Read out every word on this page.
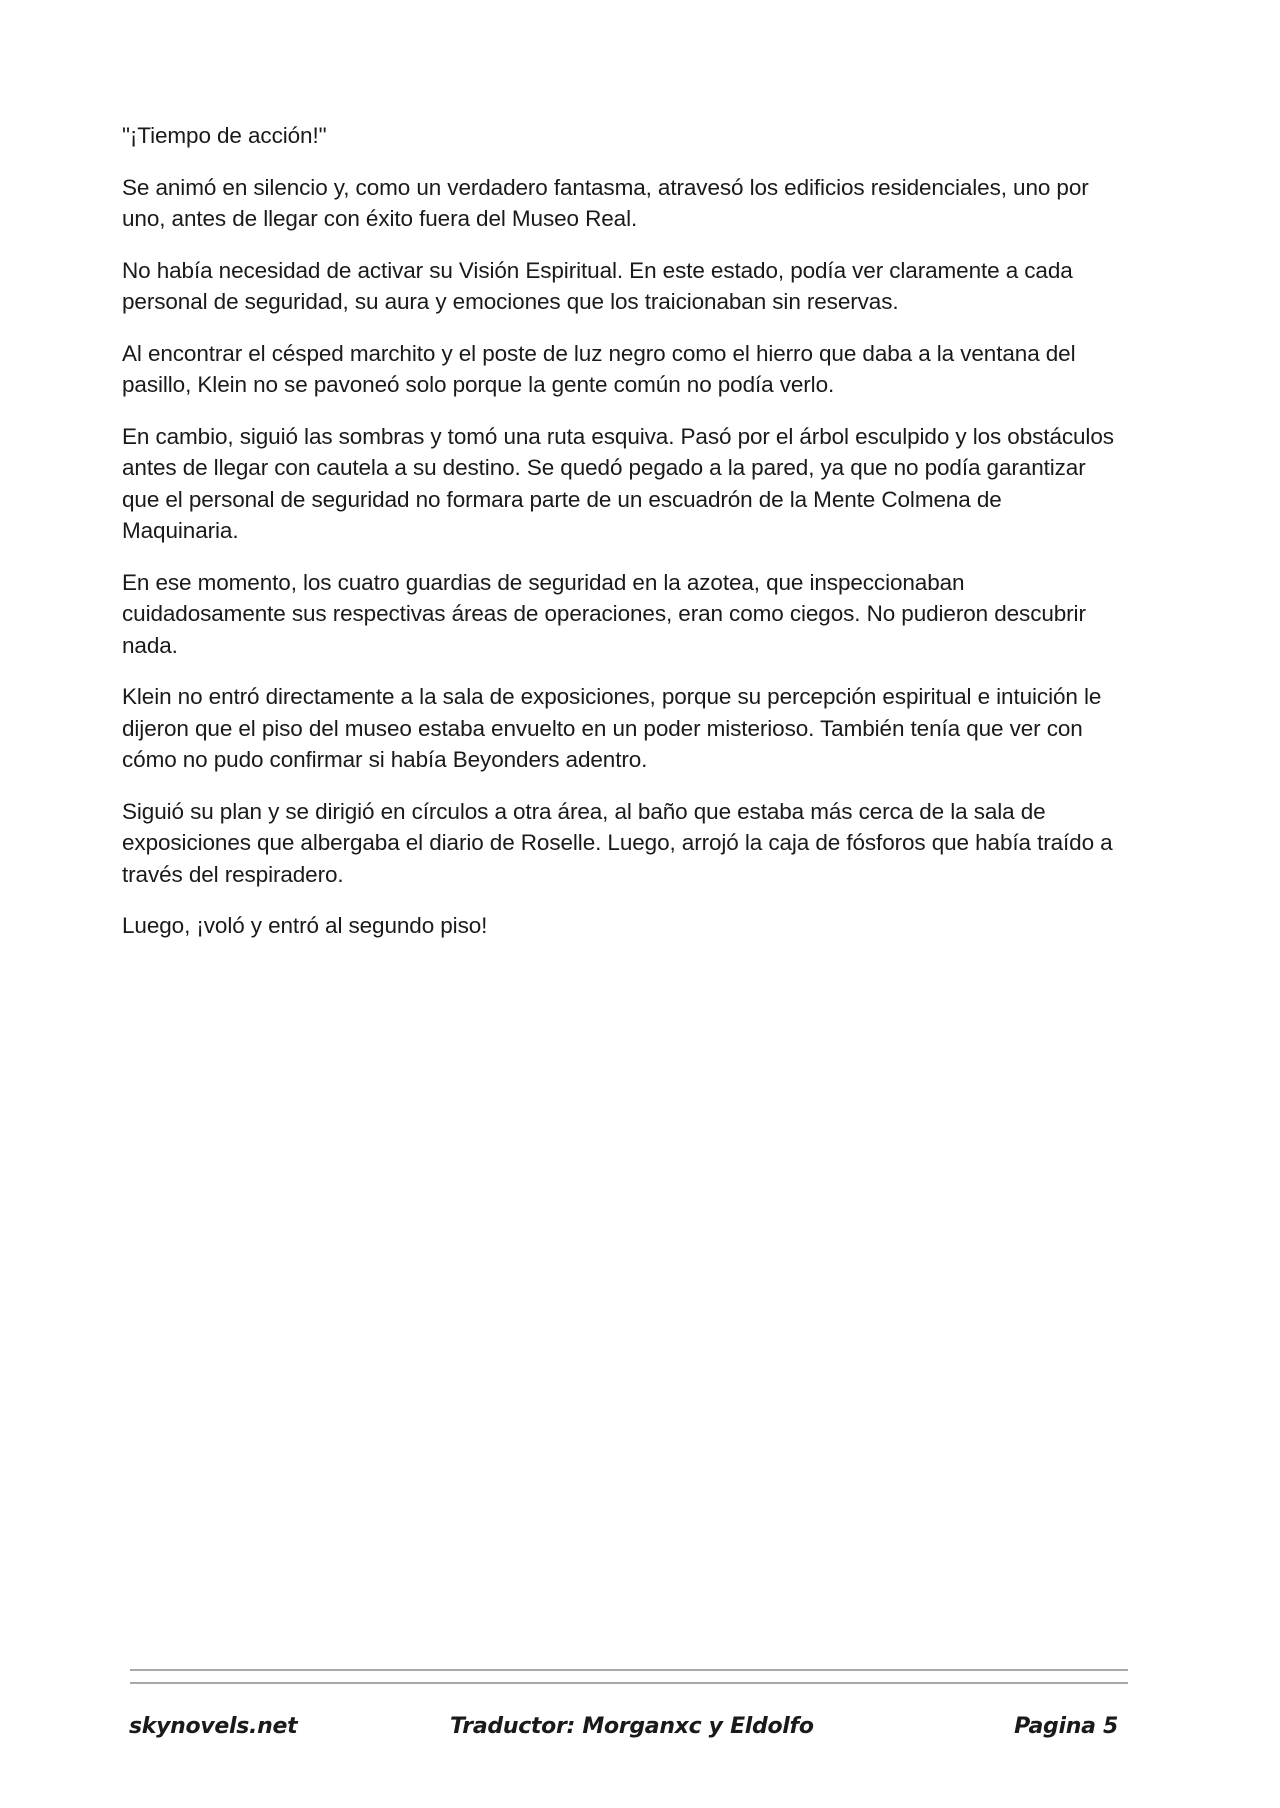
"¡Tiempo de acción!"

Se animó en silencio y, como un verdadero fantasma, atravesó los edificios residenciales, uno por uno, antes de llegar con éxito fuera del Museo Real.

No había necesidad de activar su Visión Espiritual. En este estado, podía ver claramente a cada personal de seguridad, su aura y emociones que los traicionaban sin reservas.

Al encontrar el césped marchito y el poste de luz negro como el hierro que daba a la ventana del pasillo, Klein no se pavoneó solo porque la gente común no podía verlo.

En cambio, siguió las sombras y tomó una ruta esquiva. Pasó por el árbol esculpido y los obstáculos antes de llegar con cautela a su destino. Se quedó pegado a la pared, ya que no podía garantizar que el personal de seguridad no formara parte de un escuadrón de la Mente Colmena de Maquinaria.

En ese momento, los cuatro guardias de seguridad en la azotea, que inspeccionaban cuidadosamente sus respectivas áreas de operaciones, eran como ciegos. No pudieron descubrir nada.

Klein no entró directamente a la sala de exposiciones, porque su percepción espiritual e intuición le dijeron que el piso del museo estaba envuelto en un poder misterioso. También tenía que ver con cómo no pudo confirmar si había Beyonders adentro.

Siguió su plan y se dirigió en círculos a otra área, al baño que estaba más cerca de la sala de exposiciones que albergaba el diario de Roselle. Luego, arrojó la caja de fósforos que había traído a través del respiradero.

Luego, ¡voló y entró al segundo piso!

skynovels.net	Traductor: Morganxc y Eldolfo	Pagina 5
